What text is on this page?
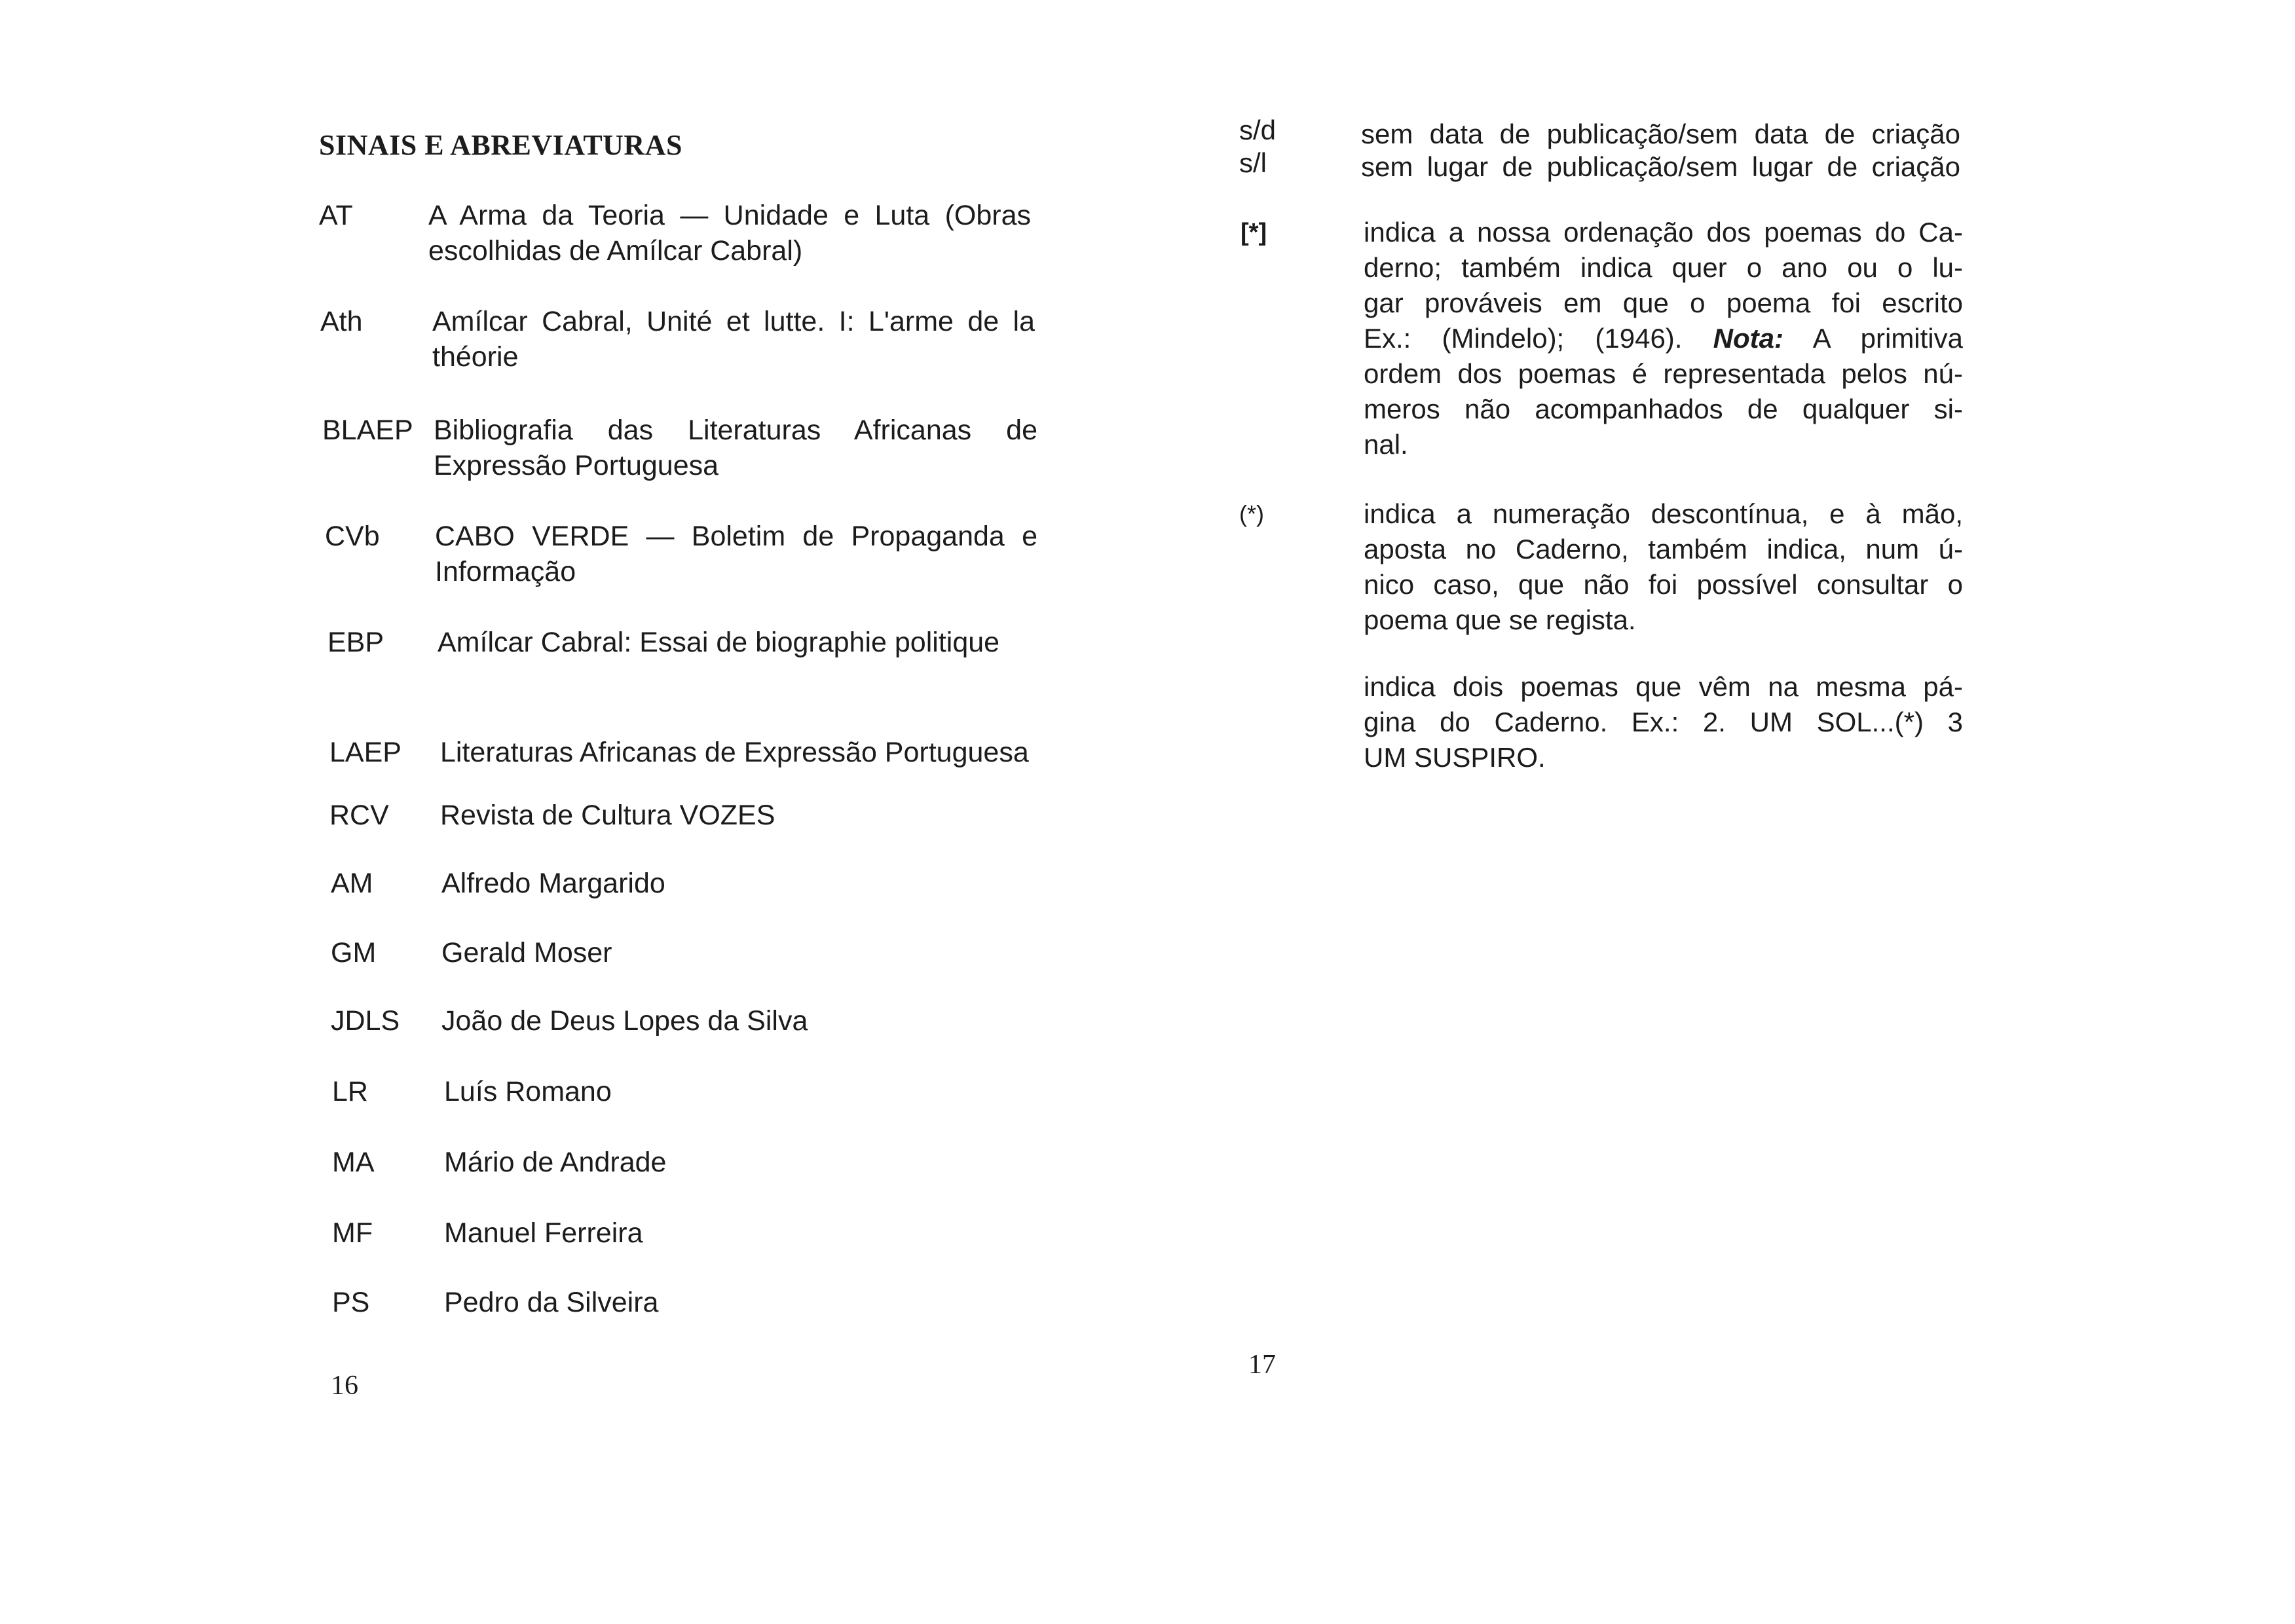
SINAIS E ABREVIATURAS
AT	A Arma da Teoria — Unidade e Luta (Obras escolhidas de Amílcar Cabral)
Ath Amílcar Cabral, Unité et lutte. I: L'arme de la théorie
BLAEP Bibliografia das Literaturas Africanas de Expressão Portuguesa
CVb CABO VERDE — Boletim de Propaganda e Informação
EBP Amílcar Cabral: Essai de biographie politique
LAEP Literaturas Africanas de Expressão Portuguesa
RCV Revista de Cultura VOZES
AM Alfredo Margarido
GM Gerald Moser
JDLS João de Deus Lopes da Silva
LR	Luís Romano
MA Mário de Andrade
MF	Manuel Ferreira
PS	Pedro da Silveira
16
s/d	sem data de publicação/sem data de criação
s/l	sem lugar de publicação/sem lugar de criação
[*]	indica a nossa ordenação dos poemas do Ca-
derno; também indica quer o ano ou o lu-
gar prováveis em que o poema foi escrito
Ex.: (Mindelo); (1946). Nota: A primitiva
ordem dos poemas é representada pelos nú-
meros não acompanhados de qualquer si-
nal.
(*)	indica a numeração descontínua, e à mão,
aposta no Caderno, também indica, num ú-
nico caso, que não foi possível consultar o
poema que se regista.
indica dois poemas que vêm na mesma pá-
gina do Caderno. Ex.: 2. UM SOL...(*) 3
UM SUSPIRO.
17
